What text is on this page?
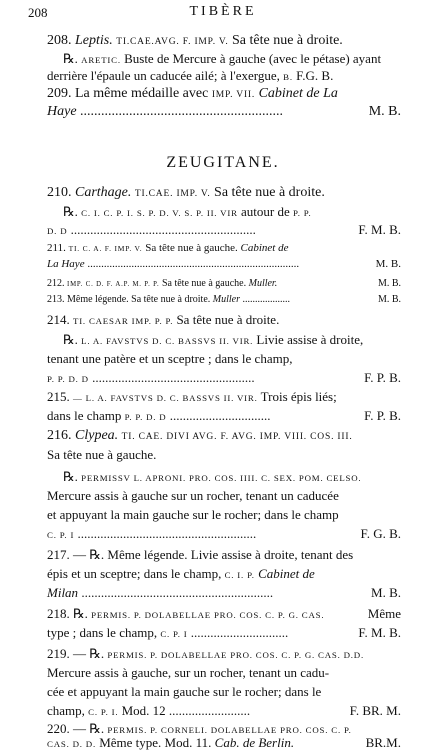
208	TIBÈRE
208. Leptis. TI.CAE.AVG. F. IMP. V. Sa tête nue à droite.
℞. ARETIC. Buste de Mercure à gauche (avec le pétase) ayant
derrière l'épaule un caducée ailé; à l'exergue, B. F.G. B.
209. La même médaille avec IMP. VII. Cabinet de La
Haye ..........................................................	M. B.
ZEUGITANE.
210. Carthage. TI.CAE. IMP. V. Sa tête nue à droite.
℞. C. I. C. P. I. S. P. D. V. S. P. II. VIR autour de P. P.
D. D .........................................................	F. M. B.
211. TI. C. A. F. IMP. V. Sa tête nue à gauche. Cabinet de
La Haye .............................................................................	M. B.
212. IMP. C. D. F. A.P. M. P. P. Sa tête nue à gauche. Muller.	M. B.
213. Même légende. Sa tête nue à droite. Muller ...................	M. B.
214. TI. CAESAR IMP. P. P. Sa tête nue à droite.
℞. L. A. FAVSTVS D. C. BASSVS II. VIR. Livie assise à droite,
tenant une patère et un sceptre ; dans le champ,
P. P. D. D ..................................................	F. P. B.
215. — L. A. FAVSTVS D. C. BASSVS II. VIR. Trois épis liés;
dans le champ P. P. D. D ...............................	F. P. B.
216. Clypea. TI. CAE. DIVI AVG. F. AVG. IMP. VIII. COS. III.
Sa tête nue à gauche.
℞. PERMISSV L. APRONI. PRO. COS. IIII. C. SEX. POM. CELSO.
Mercure assis à gauche sur un rocher, tenant un caducée
et appuyant la main gauche sur le rocher; dans le champ
C. P. I .......................................................	F. G. B.
217. — ℞. Même légende. Livie assise à droite, tenant des
épis et un sceptre; dans le champ, C. I. P. Cabinet de
Milan ...........................................................	M. B.
218. ℞. PERMIS. P. DOLABELLAE PRO. COS. C. P. G. CAS.	Même
type ; dans le champ, C. P. I ..............................	F. M. B.
219. — ℞. PERMIS. P. DOLABELLAE PRO. COS. C. P. G. CAS. D.D.
Mercure assis à gauche, sur un rocher, tenant un cadu-
cée et appuyant la main gauche sur le rocher; dans le
champ, C. P. I. Mod. 12 .........................	F. BR. M.
220. — ℞. PERMIS. P. CORNELI. DOLABELLAE PRO. COS. C. P.
CAS. D. D. Même type. Mod. 11. Cab. de Berlin.	BR.M.
